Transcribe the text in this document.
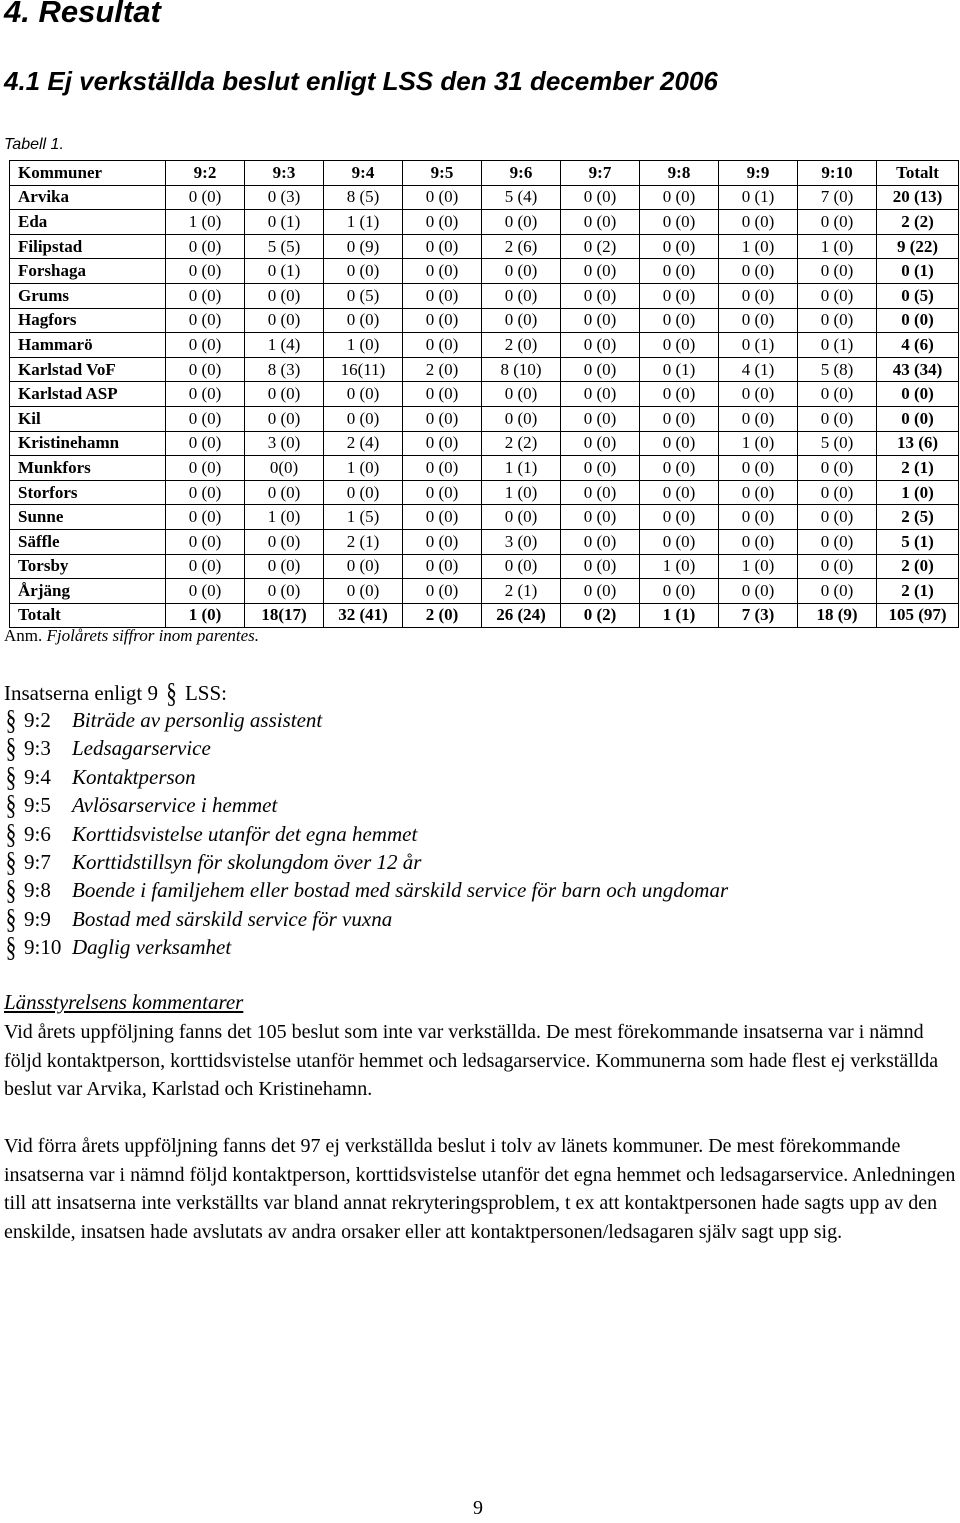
4. Resultat
4.1 Ej verkställda beslut enligt LSS den 31 december 2006

Tabell 1.

Kommuner	9:2	9:3	9:4	9:5	9:6	9:7	9:8	9:9	9:10	Totalt
Arvika	0 (0)	0 (3)	8 (5)	0 (0)	5 (4)	0 (0)	0 (0)	0 (1)	7 (0)	20 (13)
Eda	1 (0)	0 (1)	1 (1)	0 (0)	0 (0)	0 (0)	0 (0)	0 (0)	0 (0)	2 (2)
Filipstad	0 (0)	5 (5)	0 (9)	0 (0)	2 (6)	0 (2)	0 (0)	1 (0)	1 (0)	9 (22)
Forshaga	0 (0)	0 (1)	0 (0)	0 (0)	0 (0)	0 (0)	0 (0)	0 (0)	0 (0)	0 (1)
Grums	0 (0)	0 (0)	0 (5)	0 (0)	0 (0)	0 (0)	0 (0)	0 (0)	0 (0)	0 (5)
Hagfors	0 (0)	0 (0)	0 (0)	0 (0)	0 (0)	0 (0)	0 (0)	0 (0)	0 (0)	0 (0)
Hammarö	0 (0)	1 (4)	1 (0)	0 (0)	2 (0)	0 (0)	0 (0)	0 (1)	0 (1)	4 (6)
Karlstad VoF	0 (0)	8 (3)	16(11)	2 (0)	8 (10)	0 (0)	0 (1)	4 (1)	5 (8)	43 (34)
Karlstad ASP	0 (0)	0 (0)	0 (0)	0 (0)	0 (0)	0 (0)	0 (0)	0 (0)	0 (0)	0 (0)
Kil	0 (0)	0 (0)	0 (0)	0 (0)	0 (0)	0 (0)	0 (0)	0 (0)	0 (0)	0 (0)
Kristinehamn	0 (0)	3 (0)	2 (4)	0 (0)	2 (2)	0 (0)	0 (0)	1 (0)	5 (0)	13 (6)
Munkfors	0 (0)	0(0)	1 (0)	0 (0)	1 (1)	0 (0)	0 (0)	0 (0)	0 (0)	2 (1)
Storfors	0 (0)	0 (0)	0 (0)	0 (0)	1 (0)	0 (0)	0 (0)	0 (0)	0 (0)	1 (0)
Sunne	0 (0)	1 (0)	1 (5)	0 (0)	0 (0)	0 (0)	0 (0)	0 (0)	0 (0)	2 (5)
Säffle	0 (0)	0 (0)	2 (1)	0 (0)	3 (0)	0 (0)	0 (0)	0 (0)	0 (0)	5 (1)
Torsby	0 (0)	0 (0)	0 (0)	0 (0)	0 (0)	0 (0)	1 (0)	1 (0)	0 (0)	2 (0)
Årjäng	0 (0)	0 (0)	0 (0)	0 (0)	2 (1)	0 (0)	0 (0)	0 (0)	0 (0)	2 (1)
Totalt	1 (0)	18(17)	32 (41)	2 (0)	26 (24)	0 (2)	1 (1)	7 (3)	18 (9)	105 (97)

Anm. Fjolårets siffror inom parentes.

Insatserna enligt 9 § LSS:

§ 9:2 Biträde av personlig assistent
§ 9:3 Ledsagarservice
§ 9:4 Kontaktperson
§ 9:5 Avlösarservice i hemmet
§ 9:6 Korttidsvistelse utanför det egna hemmet
§ 9:7 Korttidstillsyn för skolungdom över 12 år
§ 9:8 Boende i familjehem eller bostad med särskild service för barn och ungdomar
§ 9:9 Bostad med särskild service för vuxna
§ 9:10 Daglig verksamhet

Länsstyrelsens kommentarer

Vid årets uppföljning fanns det 105 beslut som inte var verkställda. De mest förekommande insatserna var i nämnd följd kontaktperson, korttidsvistelse utanför hemmet och ledsagarservice. Kommunerna som hade flest ej verkställda beslut var Arvika, Karlstad och Kristinehamn.

Vid förra årets uppföljning fanns det 97 ej verkställda beslut i tolv av länets kommuner. De mest förekommande insatserna var i nämnd följd kontaktperson, korttidsvistelse utanför det egna hemmet och ledsagarservice. Anledningen till att insatserna inte verkställts var bland annat rekryteringsproblem, t ex att kontaktpersonen hade sagts upp av den enskilde, insatsen hade avslutats av andra orsaker eller att kontaktpersonen/ledsagaren själv sagt upp sig.

9
